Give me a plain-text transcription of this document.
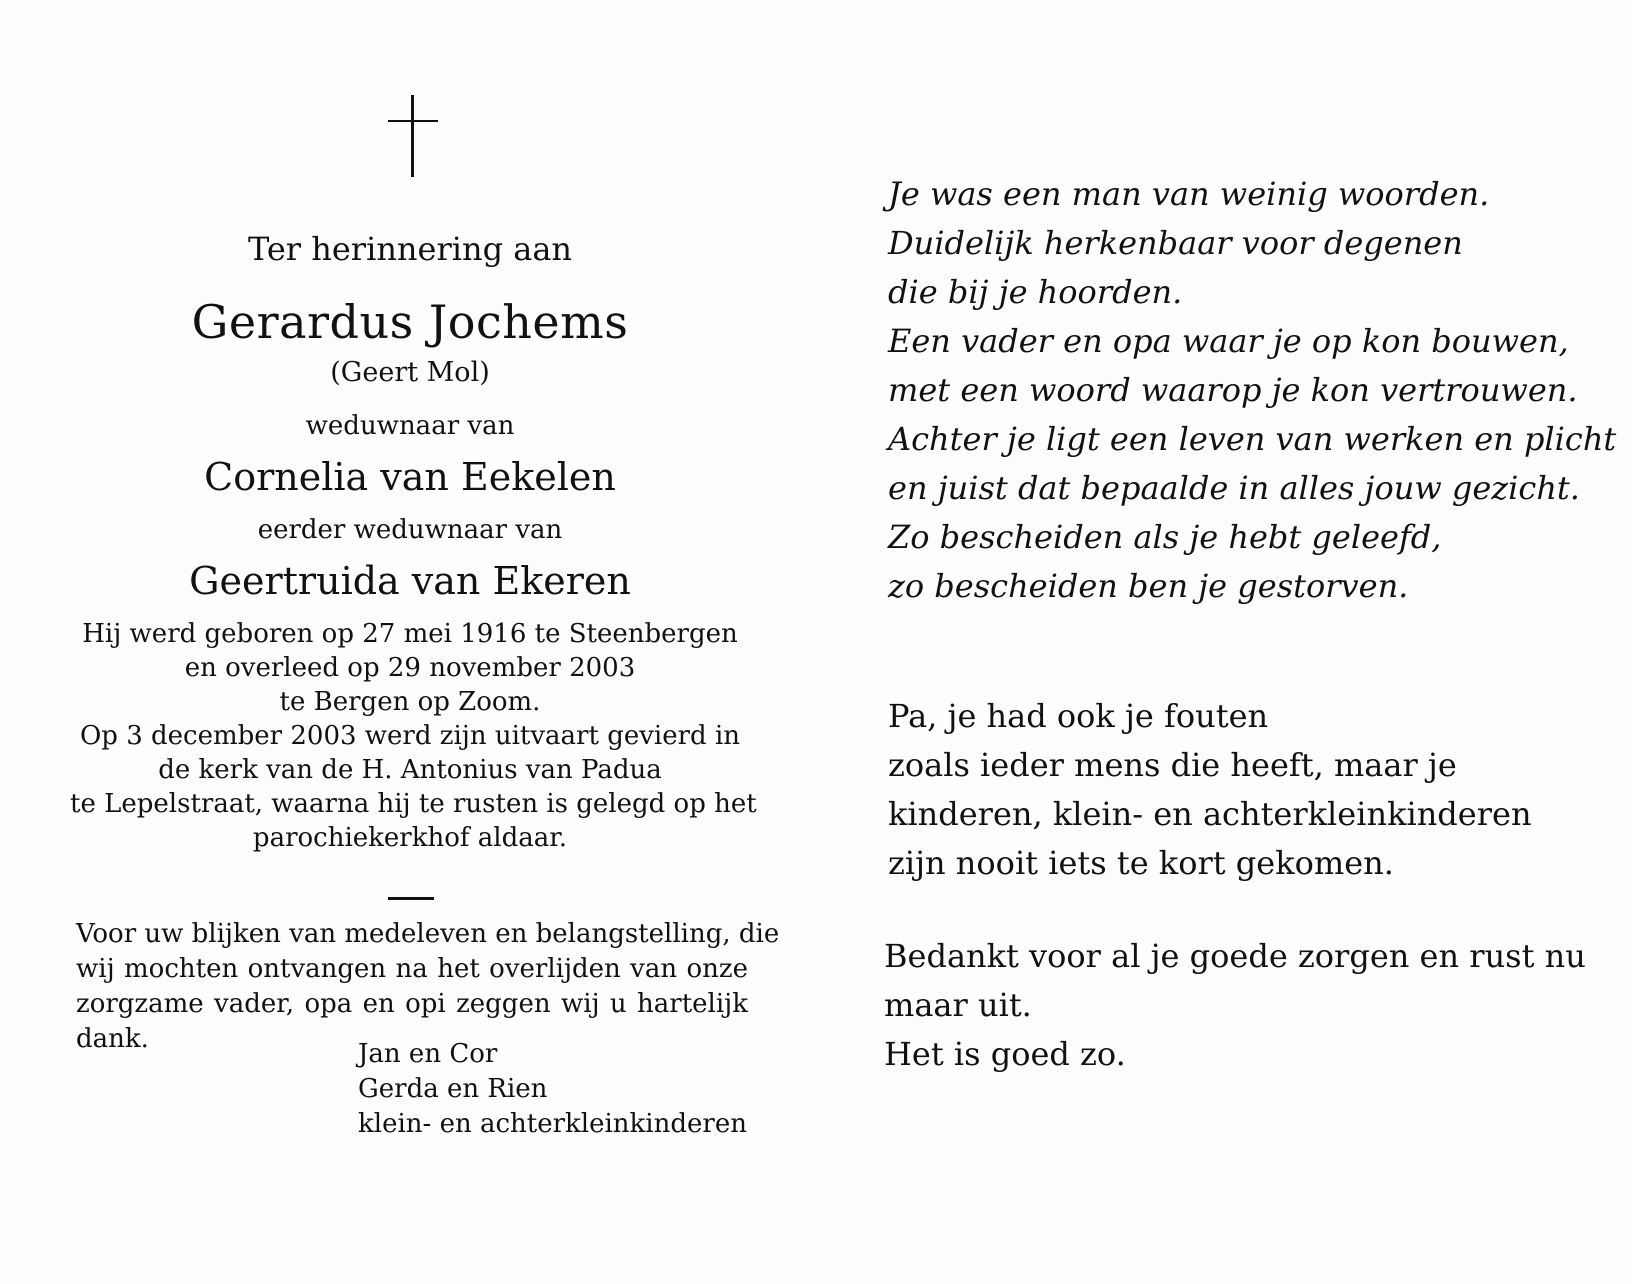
Ter herinnering aan
Gerardus Jochems
(Geert Mol)
weduwnaar van
Cornelia van Eekelen
eerder weduwnaar van
Geertruida van Ekeren
Hij werd geboren op 27 mei 1916 te Steenbergen
en overleed op 29 november 2003
te Bergen op Zoom.
Op 3 december 2003 werd zijn uitvaart gevierd in
de kerk van de H. Antonius van Padua
te Lepelstraat, waarna hij te rusten is gelegd op het
parochiekerkhof aldaar.
Voor uw blijken van medeleven en belangstelling, die
wij mochten ontvangen na het overlijden van onze
zorgzame vader, opa en opi zeggen wij u hartelijk
dank.	Jan en Cor
Gerda en Rien
klein- en achterkleinkinderen
Je was een man van weinig woorden.
Duidelijk herkenbaar voor degenen
die bij je hoorden.
Een vader en opa waar je op kon bouwen,
met een woord waarop je kon vertrouwen.
Achter je ligt een leven van werken en plicht
en juist dat bepaalde in alles jouw gezicht.
Zo bescheiden als je hebt geleefd,
zo bescheiden ben je gestorven.
Pa, je had ook je fouten
zoals ieder mens die heeft, maar je
kinderen, klein- en achterkleinkinderen
zijn nooit iets te kort gekomen.
Bedankt voor al je goede zorgen en rust nu
maar uit.
Het is goed zo.
